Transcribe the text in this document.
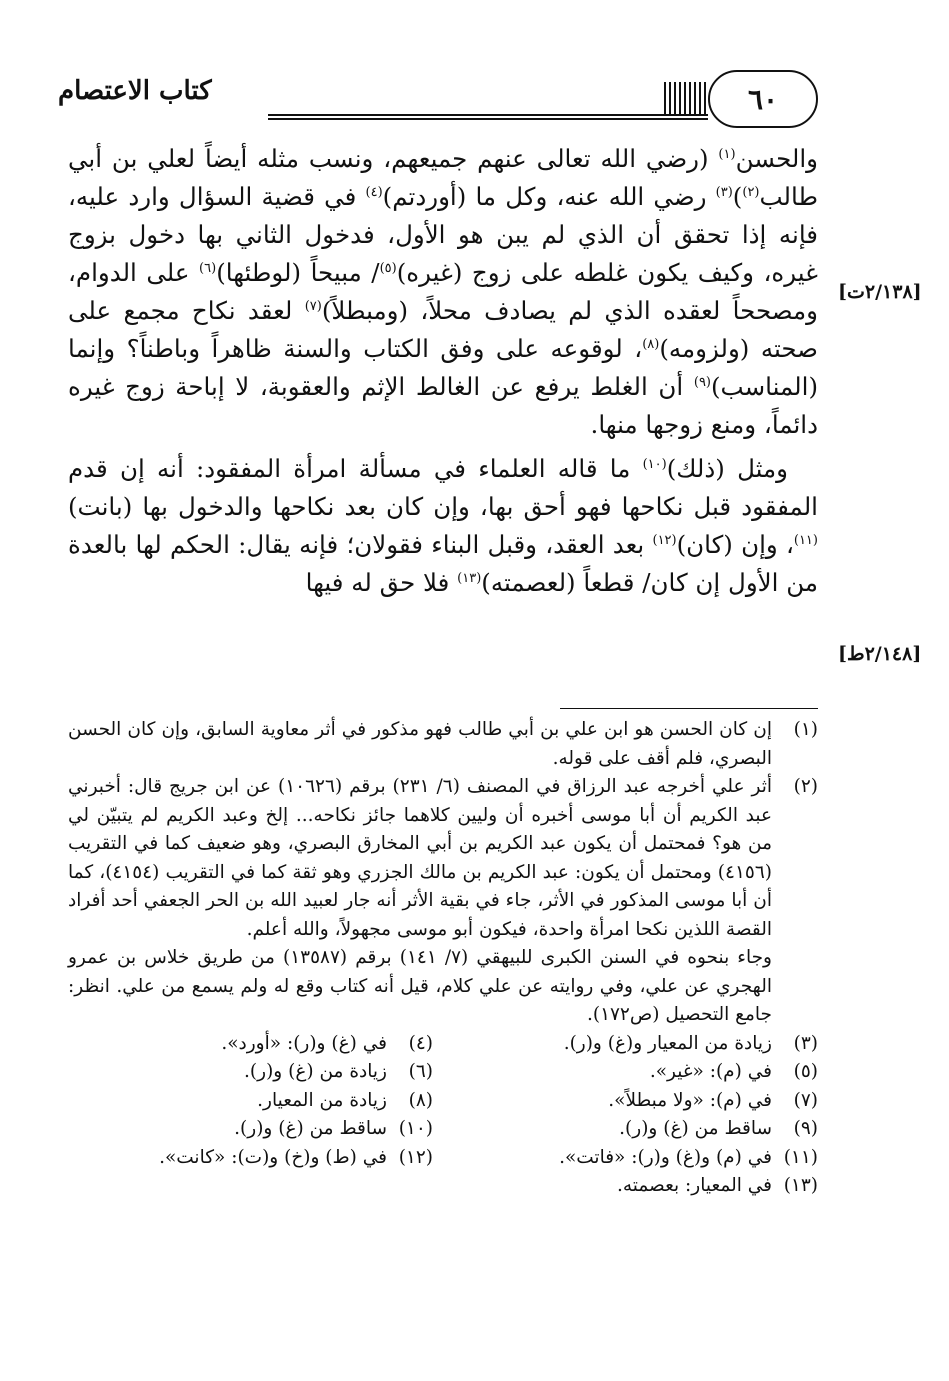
كتاب الاعتصام	٦٠
[٢/١٣٨ت]
[٢/١٤٨ط]

والحسن$^{(١)}$ (رضي الله تعالى عنهم جميعهم، ونسب مثله أيضاً لعلي بن أبي طالب$^{(٢)}$)$^{(٣)}$ رضي الله عنه، وكل ما (أوردتم)$^{(٤)}$ في قضية السؤال وارد عليه، فإنه إذا تحقق أن الذي لم يبن هو الأول، فدخول الثاني بها دخول بزوج غيره، وكيف يكون غلطه على زوج (غيره)$^{(٥)}$/ مبيحاً (لوطئها)$^{(٦)}$ على الدوام، ومصححاً لعقده الذي لم يصادف محلاً، (ومبطلاً)$^{(٧)}$ لعقد نكاح مجمع على صحته (ولزومه)$^{(٨)}$، لوقوعه على وفق الكتاب والسنة ظاهراً وباطناً؟ وإنما (المناسب)$^{(٩)}$ أن الغلط يرفع عن الغالط الإثم والعقوبة، لا إباحة زوج غيره دائماً، ومنع زوجها منها.

ومثل (ذلك)$^{(١٠)}$ ما قاله العلماء في مسألة امرأة المفقود: أنه إن قدم المفقود قبل نكاحها فهو أحق بها، وإن كان بعد نكاحها والدخول بها (بانت)$^{(١١)}$، وإن (كان)$^{(١٢)}$ بعد العقد، وقبل البناء فقولان؛ فإنه يقال: الحكم لها بالعدة من الأول إن كان/ قطعاً (لعصمته)$^{(١٣)}$ فلا حق له فيها

(١)
إن كان الحسن هو ابن علي بن أبي طالب فهو مذكور في أثر معاوية السابق، وإن كان الحسن البصري، فلم أقف على قوله.
(٢)
أثر علي أخرجه عبد الرزاق في المصنف (٦/ ٢٣١) برقم (١٠٦٢٦) عن ابن جريج قال: أخبرني عبد الكريم أن أبا موسى أخبره أن وليين كلاهما جائز نكاحه... إلخ وعبد الكريم لم يتبيّن لي من هو؟ فمحتمل أن يكون عبد الكريم بن أبي المخارق البصري، وهو ضعيف كما في التقريب (٤١٥٦) ومحتمل أن يكون: عبد الكريم بن مالك الجزري وهو ثقة كما في التقريب (٤١٥٤)، كما أن أبا موسى المذكور في الأثر، جاء في بقية الأثر أنه جار لعبيد الله بن الحر الجعفي أحد أفراد القصة اللذين نكحا امرأة واحدة، فيكون أبو موسى مجهولاً، والله أعلم.
وجاء بنحوه في السنن الكبرى للبيهقي (٧/ ١٤١) برقم (١٣٥٨٧) من طريق خلاس بن عمرو الهجري عن علي، وفي روايته عن علي كلام، قيل أنه كتاب وقع له ولم يسمع من علي. انظر: جامع التحصيل (ص١٧٢).
(٣)
زيادة من المعيار و(غ) و(ر).
(٤)
في (غ) و(ر): «أورد».
(٥)
في (م): «غير».
(٦)
زيادة من (غ) و(ر).
(٧)
في (م): «ولا مبطلاً».
(٨)
زيادة من المعيار.
(٩)
ساقط من (غ) و(ر).
(١٠)
ساقط من (غ) و(ر).
(١١)
في (م) و(غ) و(ر): «فاتت».
(١٢)
في (ط) و(خ) و(ت): «كانت».
(١٣)
في المعيار: بعصمته.
